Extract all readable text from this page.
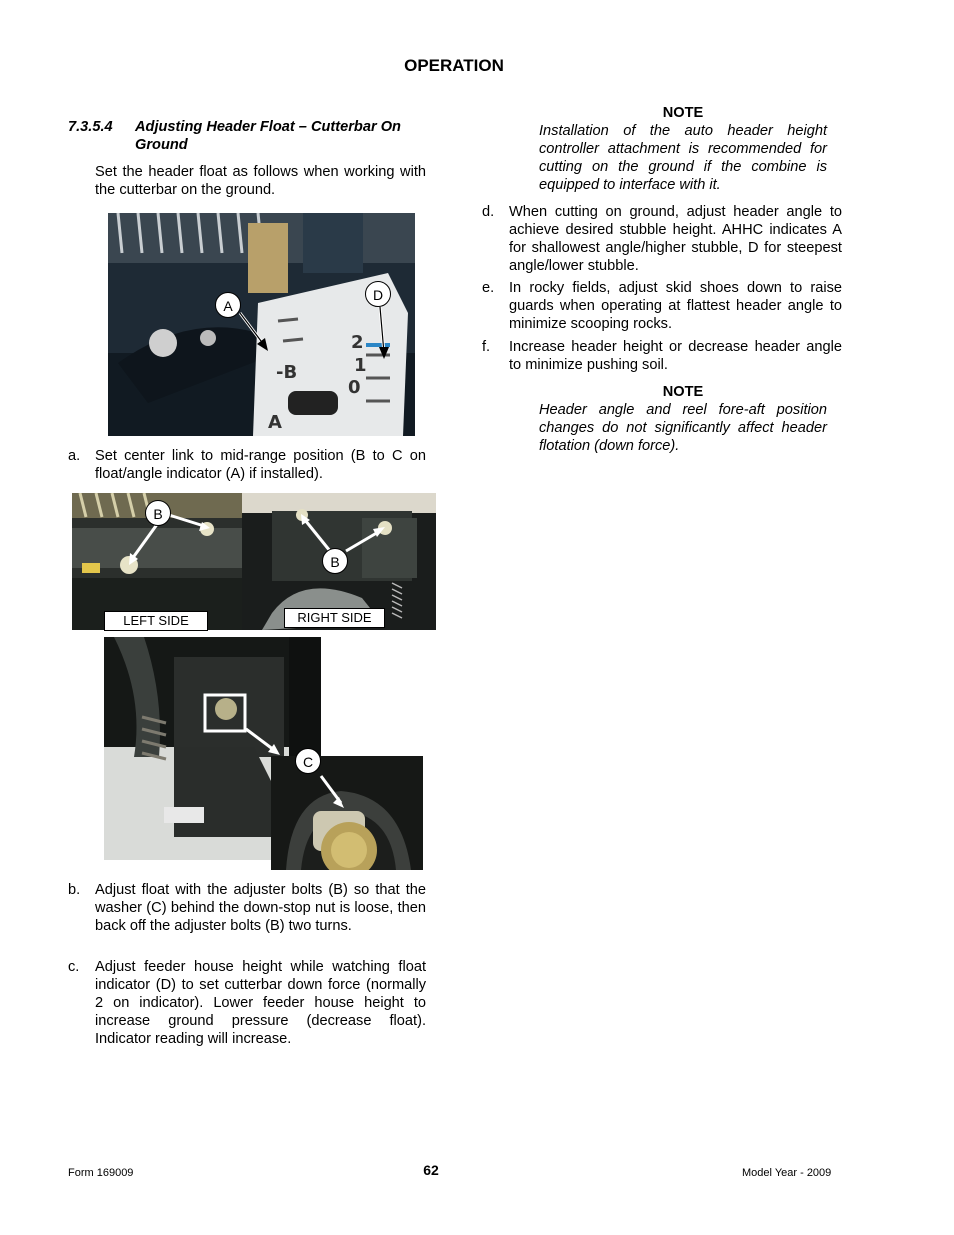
OPERATION
7.3.5.4 Adjusting Header Float – Cutterbar On Ground
Set the header float as follows when working with the cutterbar on the ground.
-B
2
1
0
A
A
D
a.	Set center link to mid-range position (B to C on float/angle indicator (A) if installed).
B
B
LEFT SIDE	RIGHT SIDE
C
b.	Adjust float with the adjuster bolts (B) so that the washer (C) behind the down-stop nut is loose, then back off the adjuster bolts (B) two turns.
c.	Adjust feeder house height while watching float indicator (D) to set cutterbar down force (normally 2 on indicator). Lower feeder house height to increase ground pressure (decrease float). Indicator reading will increase.
NOTE
Installation of the auto header height controller attachment is recommended for cutting on the ground if the combine is equipped to interface with it.
d.	When cutting on ground, adjust header angle to achieve desired stubble height. AHHC indicates A for shallowest angle/higher stubble, D for steepest angle/lower stubble.
e.	In rocky fields, adjust skid shoes down to raise guards when operating at flattest header angle to minimize scooping rocks.
f.	Increase header height or decrease header angle to minimize pushing soil.
NOTE
Header angle and reel fore-aft position changes do not significantly affect header flotation (down force).
Form 169009	62	Model Year - 2009
